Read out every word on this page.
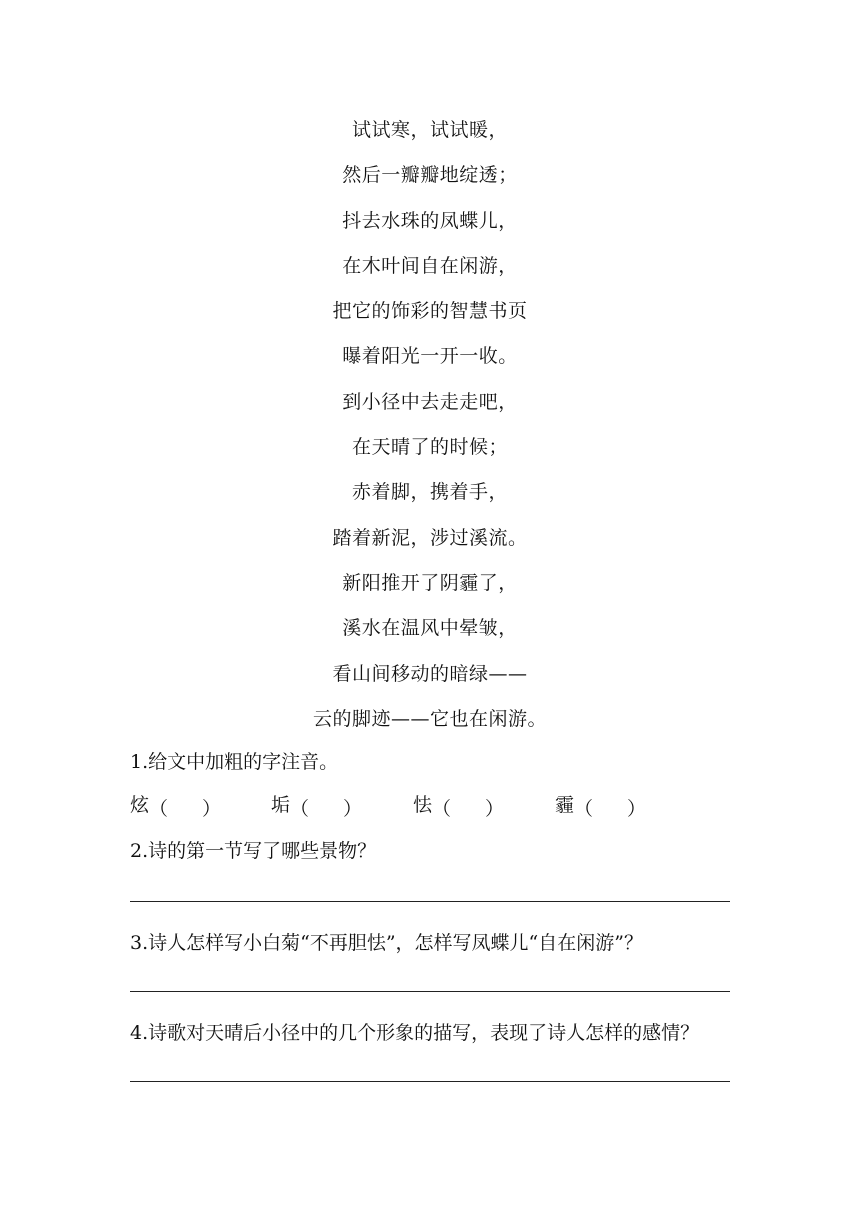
试试寒，试试暖，
然后一瓣瓣地绽透；
抖去水珠的凤蝶儿，
在木叶间自在闲游，
把它的饰彩的智慧书页
曝着阳光一开一收。
到小径中去走走吧，
在天晴了的时候；
赤着脚，携着手，
踏着新泥，涉过溪流。
新阳推开了阴霾了，
溪水在温风中晕皱，
看山间移动的暗绿——
云的脚迹——它也在闲游。
1.给文中加粗的字注音。
炫 （ ）
	垢 （ ）
	怯 （ ）
	霾 （ ）

2.诗的第一节写了哪些景物？
3.诗人怎样写小白菊“不再胆怯”，怎样写凤蝶儿“自在闲游”？
4.诗歌对天晴后小径中的几个形象的描写，表现了诗人怎样的感情？
